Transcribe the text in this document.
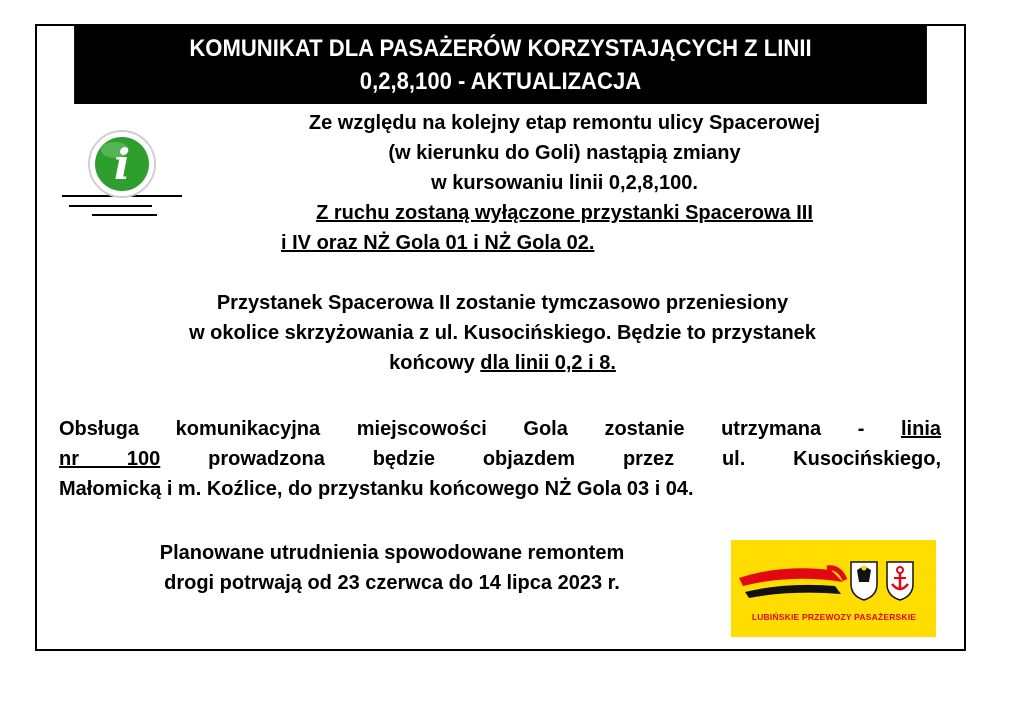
KOMUNIKAT DLA PASAŻERÓW KORZYSTAJĄCYCH Z LINII
0,2,8,100 - AKTUALIZACJA
i
Ze względu na kolejny etap remontu ulicy Spacerowej
(w kierunku do Goli) nastąpią zmiany
w kursowaniu linii 0,2,8,100.
Z ruchu zostaną wyłączone przystanki Spacerowa III
i IV oraz NŻ Gola 01 i NŻ Gola 02.
Przystanek Spacerowa II zostanie tymczasowo przeniesiony
w okolice skrzyżowania z ul. Kusocińskiego. Będzie to przystanek
końcowy dla linii 0,2 i 8.
Obsługa komunikacyjna miejscowości Gola zostanie utrzymana - linia
nr 100 prowadzona będzie objazdem przez ul. Kusocińskiego,
Małomicką i m. Koźlice, do przystanku końcowego NŻ Gola 03 i 04.
Planowane utrudnienia spowodowane remontem
drogi potrwają od 23 czerwca do 14 lipca 2023 r.
LUBIŃSKIE PRZEWOZY PASAŻERSKIE
